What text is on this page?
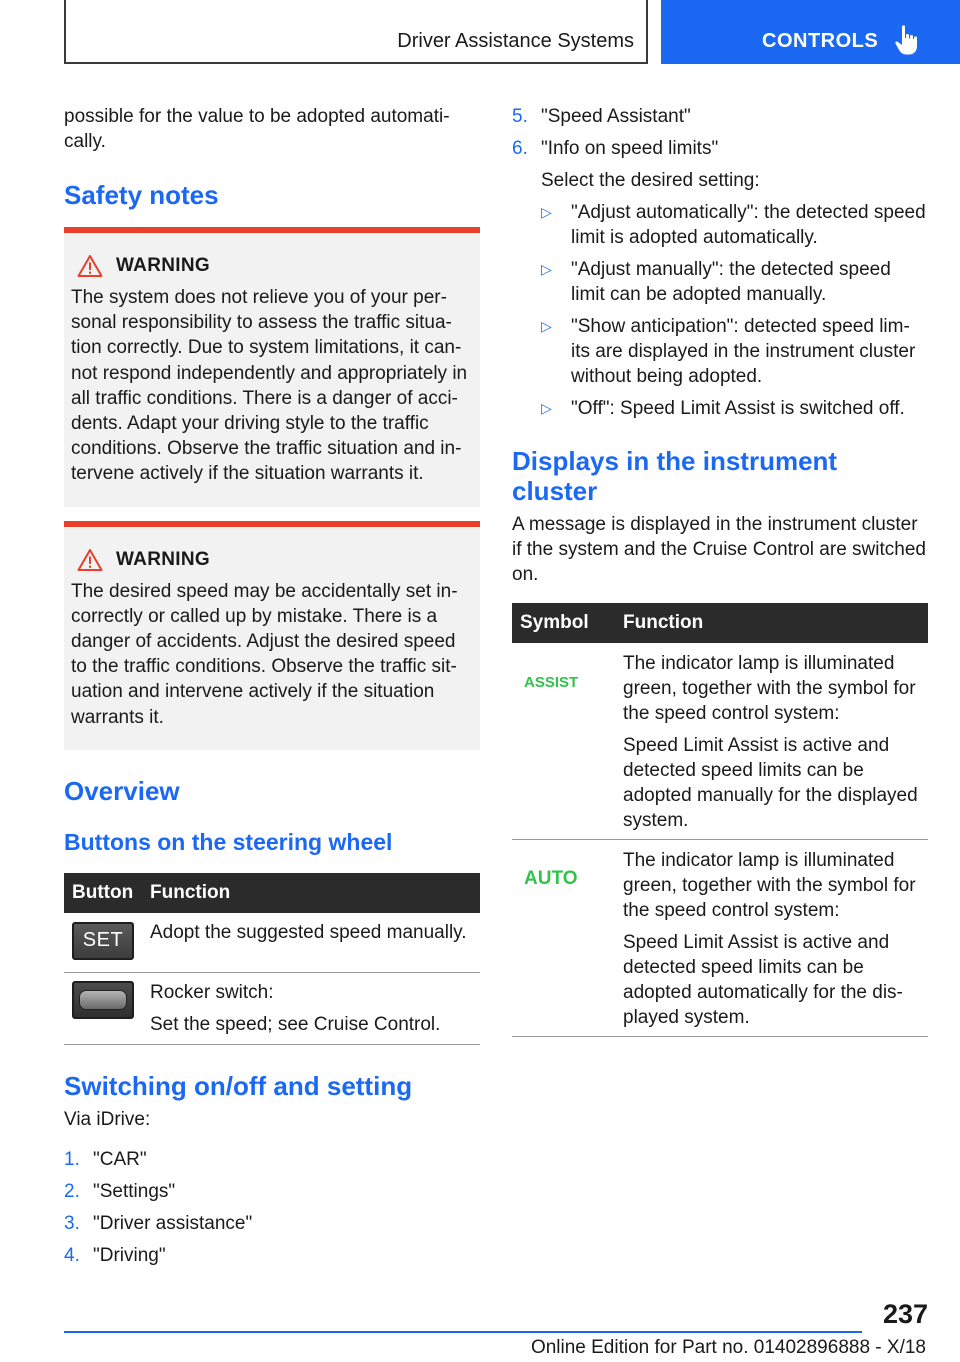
Driver Assistance Systems	CONTROLS

possible for the value to be adopted automati-cally.

Safety notes
WARNING

The system does not relieve you of your per-sonal responsibility to assess the traffic situa-tion correctly. Due to system limitations, it can-not respond independently and appropriately in all traffic conditions. There is a danger of acci-dents. Adapt your driving style to the traffic conditions. Observe the traffic situation and in-tervene actively if the situation warrants it.

WARNING

The desired speed may be accidentally set in-correctly or called up by mistake. There is a danger of accidents. Adjust the desired speed to the traffic conditions. Observe the traffic sit-uation and intervene actively if the situation warrants it.

Overview
Buttons on the steering wheel
Button	Function

SET	Adopt the suggested speed manually.

	Rocker switch:

Set the speed; see Cruise Control.

Switching on/off and setting

Via iDrive:

1. "CAR"
2. "Settings"
3. "Driver assistance"
4. "Driving"
5. "Speed Assistant"
6. "Info on speed limits"

Select the desired setting:

▷	"Adjust automatically": the detected speed limit is adopted automatically.
▷	"Adjust manually": the detected speed limit can be adopted manually.
▷	"Show anticipation": detected speed lim-its are displayed in the instrument cluster without being adopted.
▷	"Off": Speed Limit Assist is switched off.
Displays in the instrument cluster

A message is displayed in the instrument cluster if the system and the Cruise Control are switched on.

Symbol	Function
ASSIST	The indicator lamp is illuminated green, together with the symbol for the speed control system:

Speed Limit Assist is active and detected speed limits can be adopted manually for the displayed system.

AUTO	The indicator lamp is illuminated green, together with the symbol for the speed control system:

Speed Limit Assist is active and detected speed limits can be adopted automatically for the dis-played system.

237
Online Edition for Part no. 01402896888 - X/18
